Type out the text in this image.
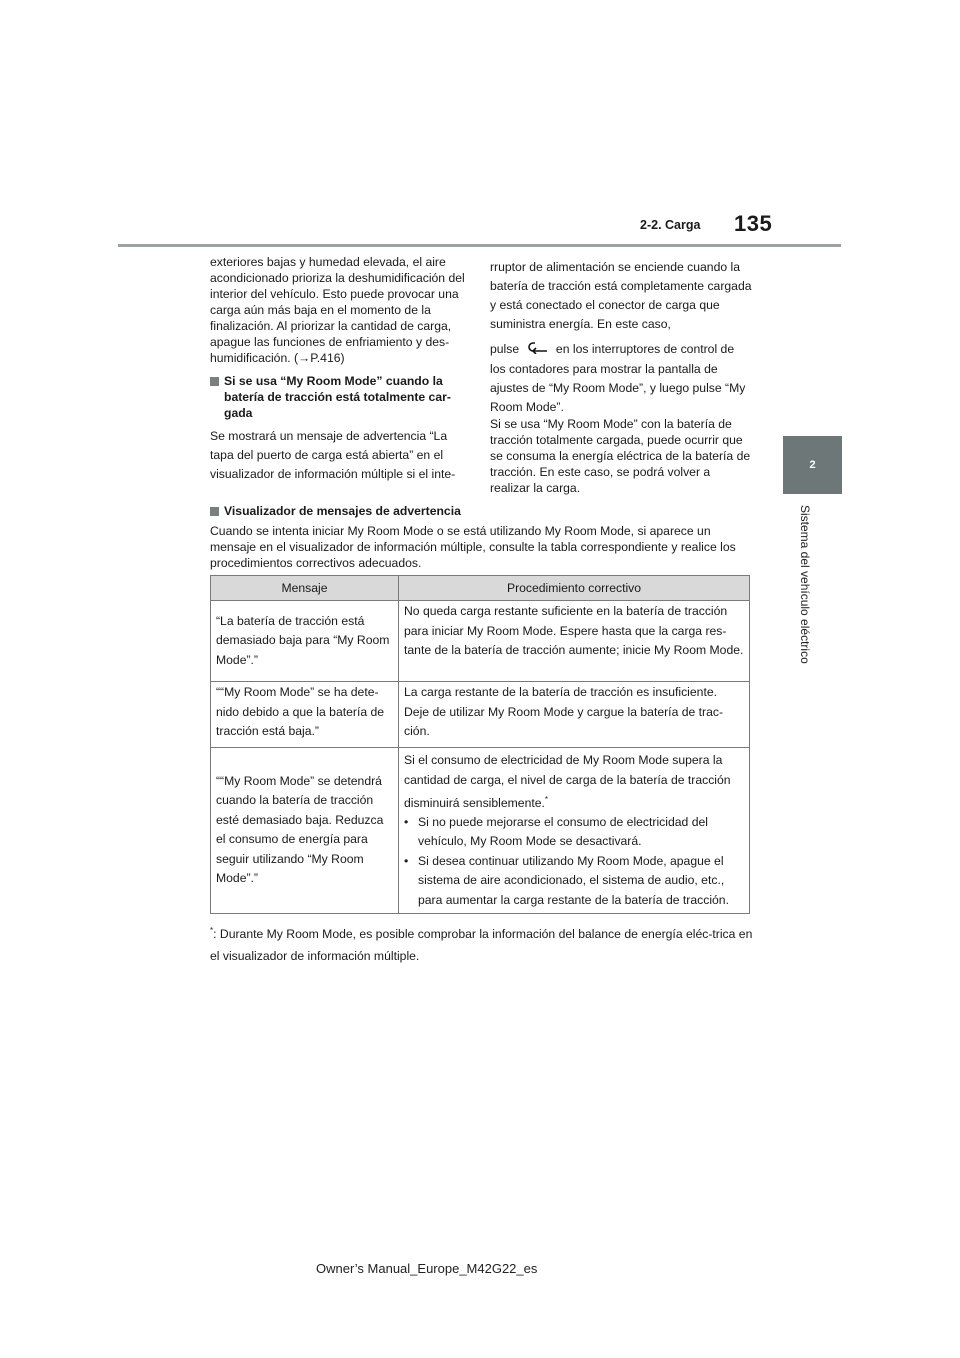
135
2-2. Carga
2
Sistema del vehículo eléctrico

exteriores bajas y humedad elevada, el aire acondicionado prioriza la deshumidificación del interior del vehículo. Esto puede provocar una carga aún más baja en el momento de la finalización. Al priorizar la cantidad de carga, apague las funciones de enfriamiento y des-humidificación. (→P.416)

Si se usa “My Room Mode” cuando la batería de tracción está totalmente car-gada

Se mostrará un mensaje de advertencia “La tapa del puerto de carga está abierta” en el visualizador de información múltiple si el inte-

rruptor de alimentación se enciende cuando la batería de tracción está completamente cargada y está conectado el conector de carga que suministra energía. En este caso,

pulse	en los interruptores de control de

los contadores para mostrar la pantalla de ajustes de “My Room Mode”, y luego pulse “My Room Mode”.

Si se usa “My Room Mode” con la batería de tracción totalmente cargada, puede ocurrir que se consuma la energía eléctrica de la batería de tracción. En este caso, se podrá volver a realizar la carga.

Visualizador de mensajes de advertencia

Cuando se intenta iniciar My Room Mode o se está utilizando My Room Mode, si aparece un mensaje en el visualizador de información múltiple, consulte la tabla correspondiente y realice los procedimientos correctivos adecuados.

Mensaje	Procedimiento correctivo
“La batería de tracción está demasiado baja para “My Room Mode”.”	No queda carga restante suficiente en la batería de tracción para iniciar My Room Mode. Espere hasta que la carga res-tante de la batería de tracción aumente; inicie My Room Mode.
““My Room Mode” se ha dete-nido debido a que la batería de tracción está baja.”	La carga restante de la batería de tracción es insuficiente. Deje de utilizar My Room Mode y cargue la batería de trac-ción.
““My Room Mode” se detendrá cuando la batería de tracción esté demasiado baja. Reduzca el consumo de energía para seguir utilizando “My Room Mode”.”	Si el consumo de electricidad de My Room Mode supera la cantidad de carga, el nivel de carga de la batería de tracción disminuirá sensiblemente.*
• Si no puede mejorarse el consumo de electricidad del vehículo, My Room Mode se desactivará.
• Si desea continuar utilizando My Room Mode, apague el sistema de aire acondicionado, el sistema de audio, etc., para aumentar la carga restante de la batería de tracción.
*: Durante My Room Mode, es posible comprobar la información del balance de energía eléc-trica en el visualizador de información múltiple.
Owner’s Manual_Europe_M42G22_es
